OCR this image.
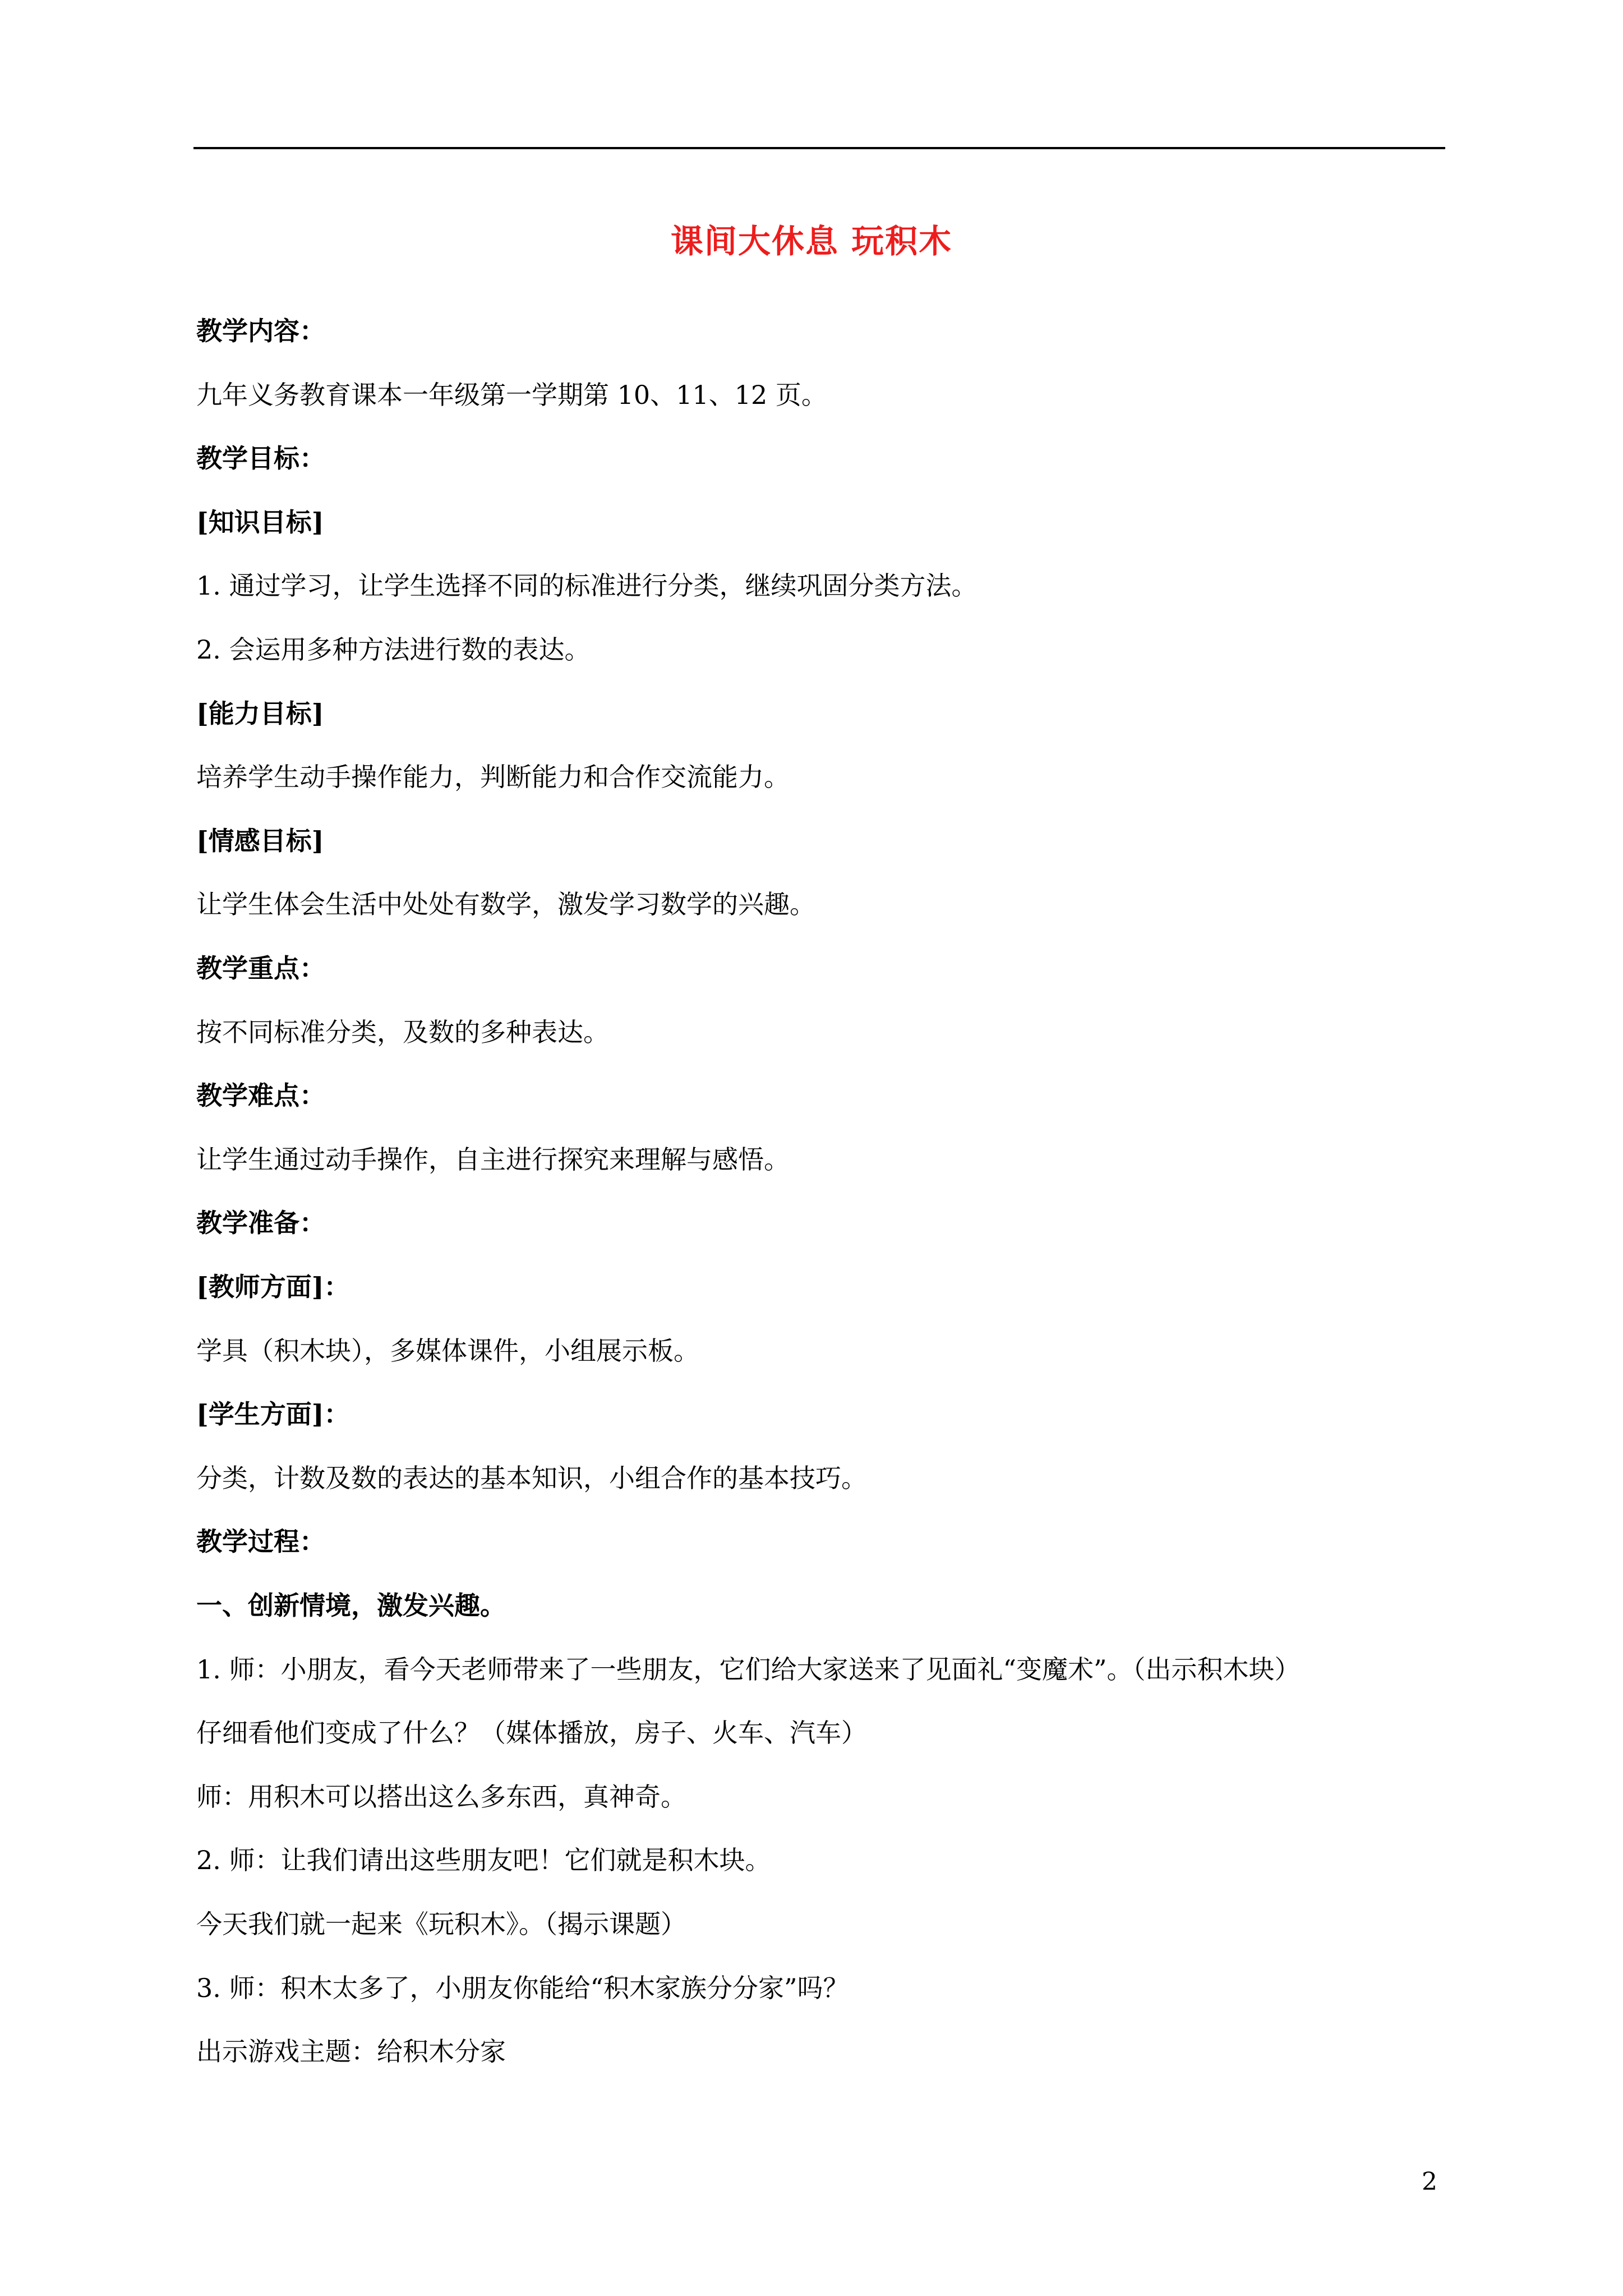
课间大休息 玩积木
教学内容：
九年义务教育课本一年级第一学期第 10、11、12 页。
教学目标：
[知识目标]
1. 通过学习，让学生选择不同的标准进行分类，继续巩固分类方法。
2. 会运用多种方法进行数的表达。
[能力目标]
培养学生动手操作能力，判断能力和合作交流能力。
[情感目标]
让学生体会生活中处处有数学，激发学习数学的兴趣。
教学重点：
按不同标准分类，及数的多种表达。
教学难点：
让学生通过动手操作，自主进行探究来理解与感悟。
教学准备：
[教师方面]：
学具（积木块），多媒体课件，小组展示板。
[学生方面]：
分类，计数及数的表达的基本知识，小组合作的基本技巧。
教学过程：
一、创新情境，激发兴趣。
1. 师：小朋友，看今天老师带来了一些朋友，它们给大家送来了见面礼“变魔术”。（出示积木块）
仔细看他们变成了什么？（媒体播放，房子、火车、汽车）
师：用积木可以搭出这么多东西，真神奇。
2. 师：让我们请出这些朋友吧！它们就是积木块。
今天我们就一起来《玩积木》。（揭示课题）
3. 师：积木太多了，小朋友你能给“积木家族分分家”吗？
出示游戏主题：给积木分家
2
